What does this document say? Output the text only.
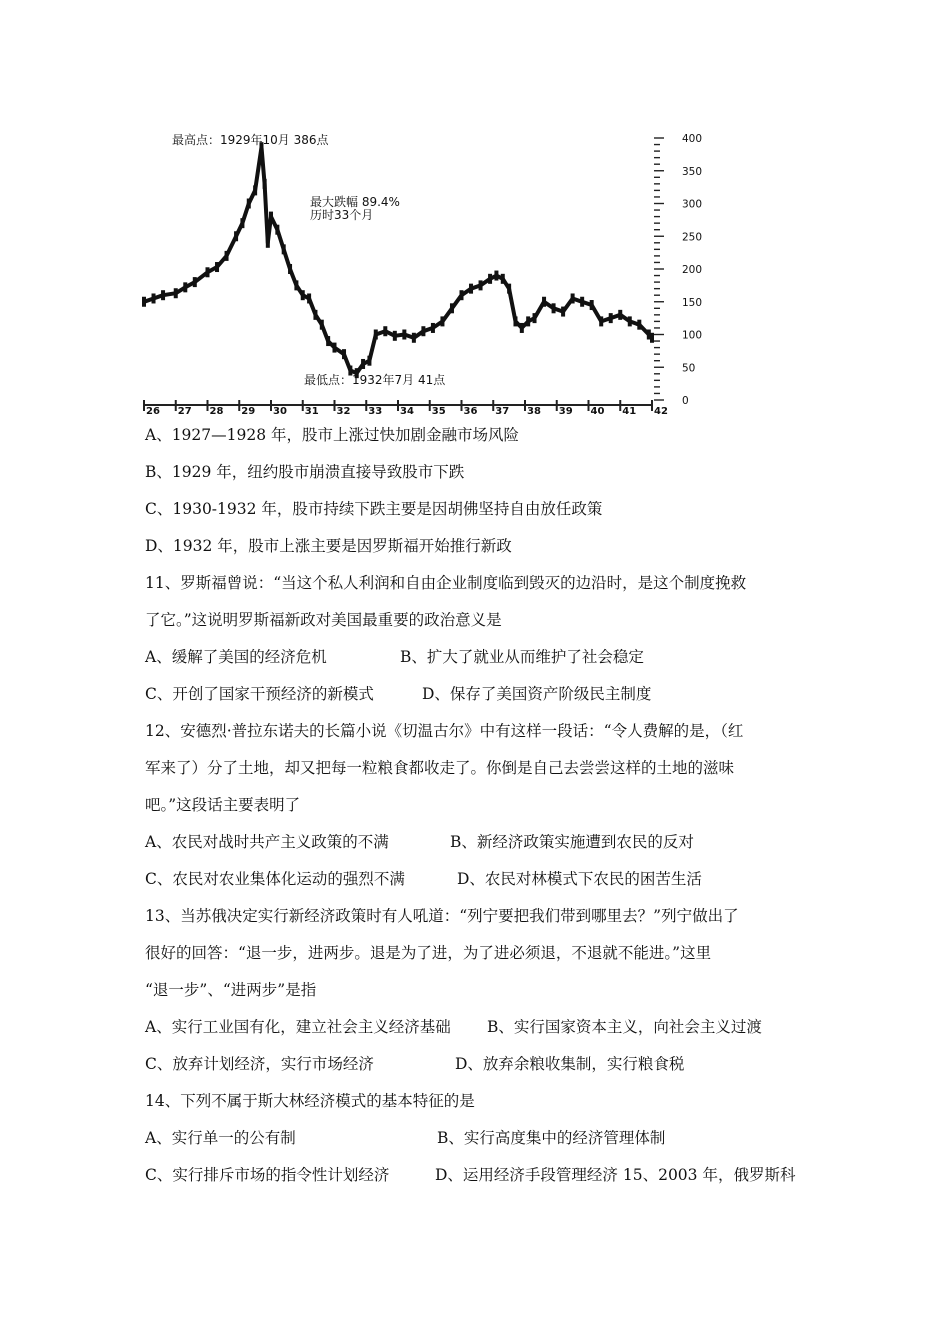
0
50
100
150
200
250
300
350
400
26 27 28 29 30 31 32 33 34 35 36 37 38 39 40 41 42
最高点：1929年10月 386点
最大跌幅 89.4%
历时33个月
最低点：1932年7月 41点
A、1927—1928 年，股市上涨过快加剧金融市场风险
B、1929 年，纽约股市崩溃直接导致股市下跌
C、1930-1932 年，股市持续下跌主要是因胡佛坚持自由放任政策
D、1932 年，股市上涨主要是因罗斯福开始推行新政
11、罗斯福曾说：“当这个私人利润和自由企业制度临到毁灭的边沿时，是这个制度挽救
了它。”这说明罗斯福新政对美国最重要的政治意义是
A、缓解了美国的经济危机	B、扩大了就业从而维护了社会稳定
C、开创了国家干预经济的新模式	D、保存了美国资产阶级民主制度
12、安德烈·普拉东诺夫的长篇小说《切温古尔》中有这样一段话：“令人费解的是，（红
军来了）分了土地，却又把每一粒粮食都收走了。你倒是自己去尝尝这样的土地的滋味
吧。”这段话主要表明了
A、农民对战时共产主义政策的不满	B、新经济政策实施遭到农民的反对
C、农民对农业集体化运动的强烈不满	D、农民对林模式下农民的困苦生活
13、当苏俄决定实行新经济政策时有人吼道：“列宁要把我们带到哪里去？”列宁做出了
很好的回答：“退一步，进两步。退是为了进，为了进必须退，不退就不能进。”这里
“退一步”、“进两步”是指
A、实行工业国有化，建立社会主义经济基础 B、实行国家资本主义，向社会主义过渡
C、放弃计划经济，实行市场经济	D、放弃余粮收集制，实行粮食税
14、下列不属于斯大林经济模式的基本特征的是
A、实行单一的公有制	B、实行高度集中的经济管理体制
C、实行排斥市场的指令性计划经济	D、运用经济手段管理经济 15、2003 年，俄罗斯科
